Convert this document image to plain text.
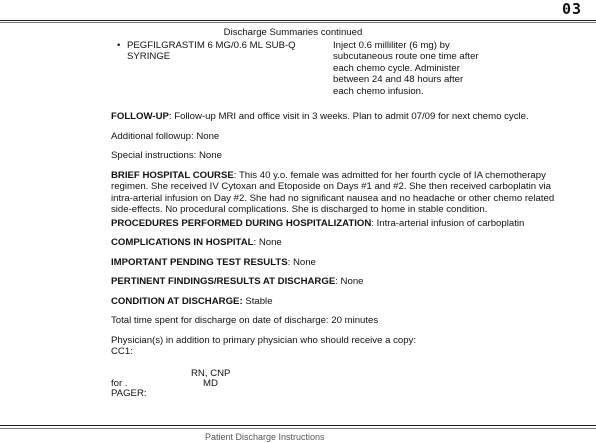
03
Discharge Summaries continued
• PEGFILGRASTIM 6 MG/0.6 ML SUB-Q SYRINGE
Inject 0.6 milliliter (6 mg) by subcutaneous route one time after each chemo cycle. Administer between 24 and 48 hours after each chemo infusion.
FOLLOW-UP: Follow-up MRI and office visit in 3 weeks. Plan to admit 07/09 for next chemo cycle.
Additional followup: None
Special instructions: None
BRIEF HOSPITAL COURSE: This 40 y.o. female was admitted for her fourth cycle of IA chemotherapy regimen. She received IV Cytoxan and Etoposide on Days #1 and #2. She then received carboplatin via intra-arterial infusion on Day #2. She had no significant nausea and no headache or other chemo related side-effects. No procedural complications. She is discharged to home in stable condition.
PROCEDURES PERFORMED DURING HOSPITALIZATION: Intra-arterial infusion of carboplatin
COMPLICATIONS IN HOSPITAL: None
IMPORTANT PENDING TEST RESULTS: None
PERTINENT FINDINGS/RESULTS AT DISCHARGE: None
CONDITION AT DISCHARGE: Stable
Total time spent for discharge on date of discharge: 20 minutes
Physician(s) in addition to primary physician who should receive a copy:
CC1:
RN, CNP
for .	MD
PAGER:
Patient Discharge Instructions
